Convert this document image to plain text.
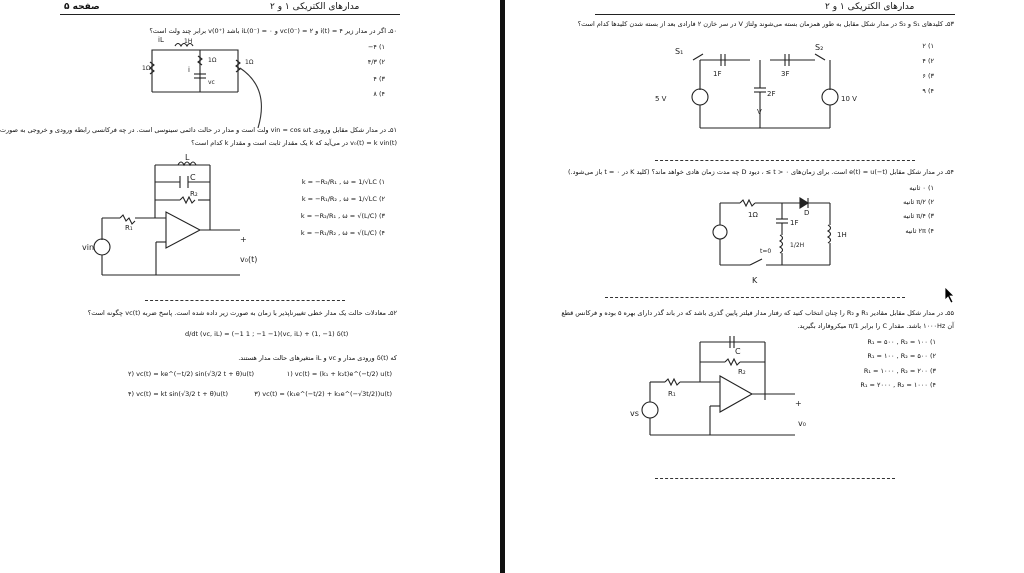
صفحه ۵	مدارهای الکتریکی ۱ و ۲
۵۰ـ اگر در مدار زیر ۴ = i(t) و ۲ = vc(0⁻) و ۰ = iL(0⁻) باشد v(0⁺) برابر چند ولت است؟
iL
1Ω
1H
i
1Ω
vc
1Ω
۱) ۴−
۲) ۴/۳
۳) ۴
۴) ۸
۵۱ـ در مدار شکل مقابل ورودی vin = cos ωt ولت است و مدار در حالت دائمی سینوسی است. در چه فرکانسی رابطه ورودی و خروجی به صورت
v₀(t) = k vin(t) در می‌آید که k یک مقدار ثابت است و مقدار k کدام است؟
L
C
R₂
R₁
vin
+
v₀(t)
۱) k = −R₂/R₁ , ω = 1/√LC
۲) k = −R₁/R₂ , ω = 1/√LC
۳) k = −R₂/R₁ , ω = √(L/C)
۴) k = −R₁/R₂ , ω = √(L/C)
۵۲ـ معادلات حالت یک مدار خطی تغییرناپذیر با زمان به صورت زیر داده شده است. پاسخ ضربه vc(t) چگونه است؟
d/dt (vc, iL) = (−1 1 ; −1 −1)(vc, iL) + (1, −1) δ(t)
که δ(t) ورودی مدار و vc و iL متغیرهای حالت مدار هستند.
۱) vc(t) = (k₁ + k₂t)e^(−t/2) u(t)
۲) vc(t) = ke^(−t/2) sin(√3/2 t + θ)u(t)
۳) vc(t) = (k₁e^(−t/2) + k₂e^(−√3t/2))u(t)
۴) vc(t) = kt sin(√3/2 t + θ)u(t)
مدارهای الکتریکی ۱ و ۲
۵۳ـ کلیدهای S₁ و S₂ در مدار شکل مقابل به طور همزمان بسته می‌شوند ولتاژ V در سر خازن ۲ فارادی بعد از بسته شدن کلیدها کدام است؟
۱) ۲
۲) ۴
۳) ۶
۴) ۹
S₁	S₂
1F	3F
2F
V
5 V	10 V
۵۴ـ در مدار شکل مقابل e(t) = u(−t) است. برای زمان‌های ۰ < t ≥ ، دیود D چه مدت زمان هادی خواهد ماند؟ (کلید K در t = ۰ باز می‌شود.)
۱) ۰ ثانیه
۲) π/۲ ثانیه
۳) π/۴ ثانیه
۴) ۲π ثانیه
1Ω
1F
D
1H
1/2H
t=0
K
۵۵ـ در مدار شکل مقابل مقادیر R₁ و R₂ را چنان انتخاب کنید که رفتار مدار فیلتر پایین گذری باشد که در باند گذر دارای بهره ۵ بوده و فرکانس قطع
آن ۱۰۰۰Hz باشد. مقدار C را برابر π/1 میکروفاراد بگیرید.
۱) R₁ = ۵۰۰ , R₂ = ۱۰۰
۲) R₁ = ۱۰۰ , R₂ = ۵۰۰
۳) R₁ = ۱۰۰۰ , R₂ = ۲۰۰
۴) R₁ = ۲۰۰۰ , R₂ = ۱۰۰۰
C
R₂
R₁
vs
+
v₀
